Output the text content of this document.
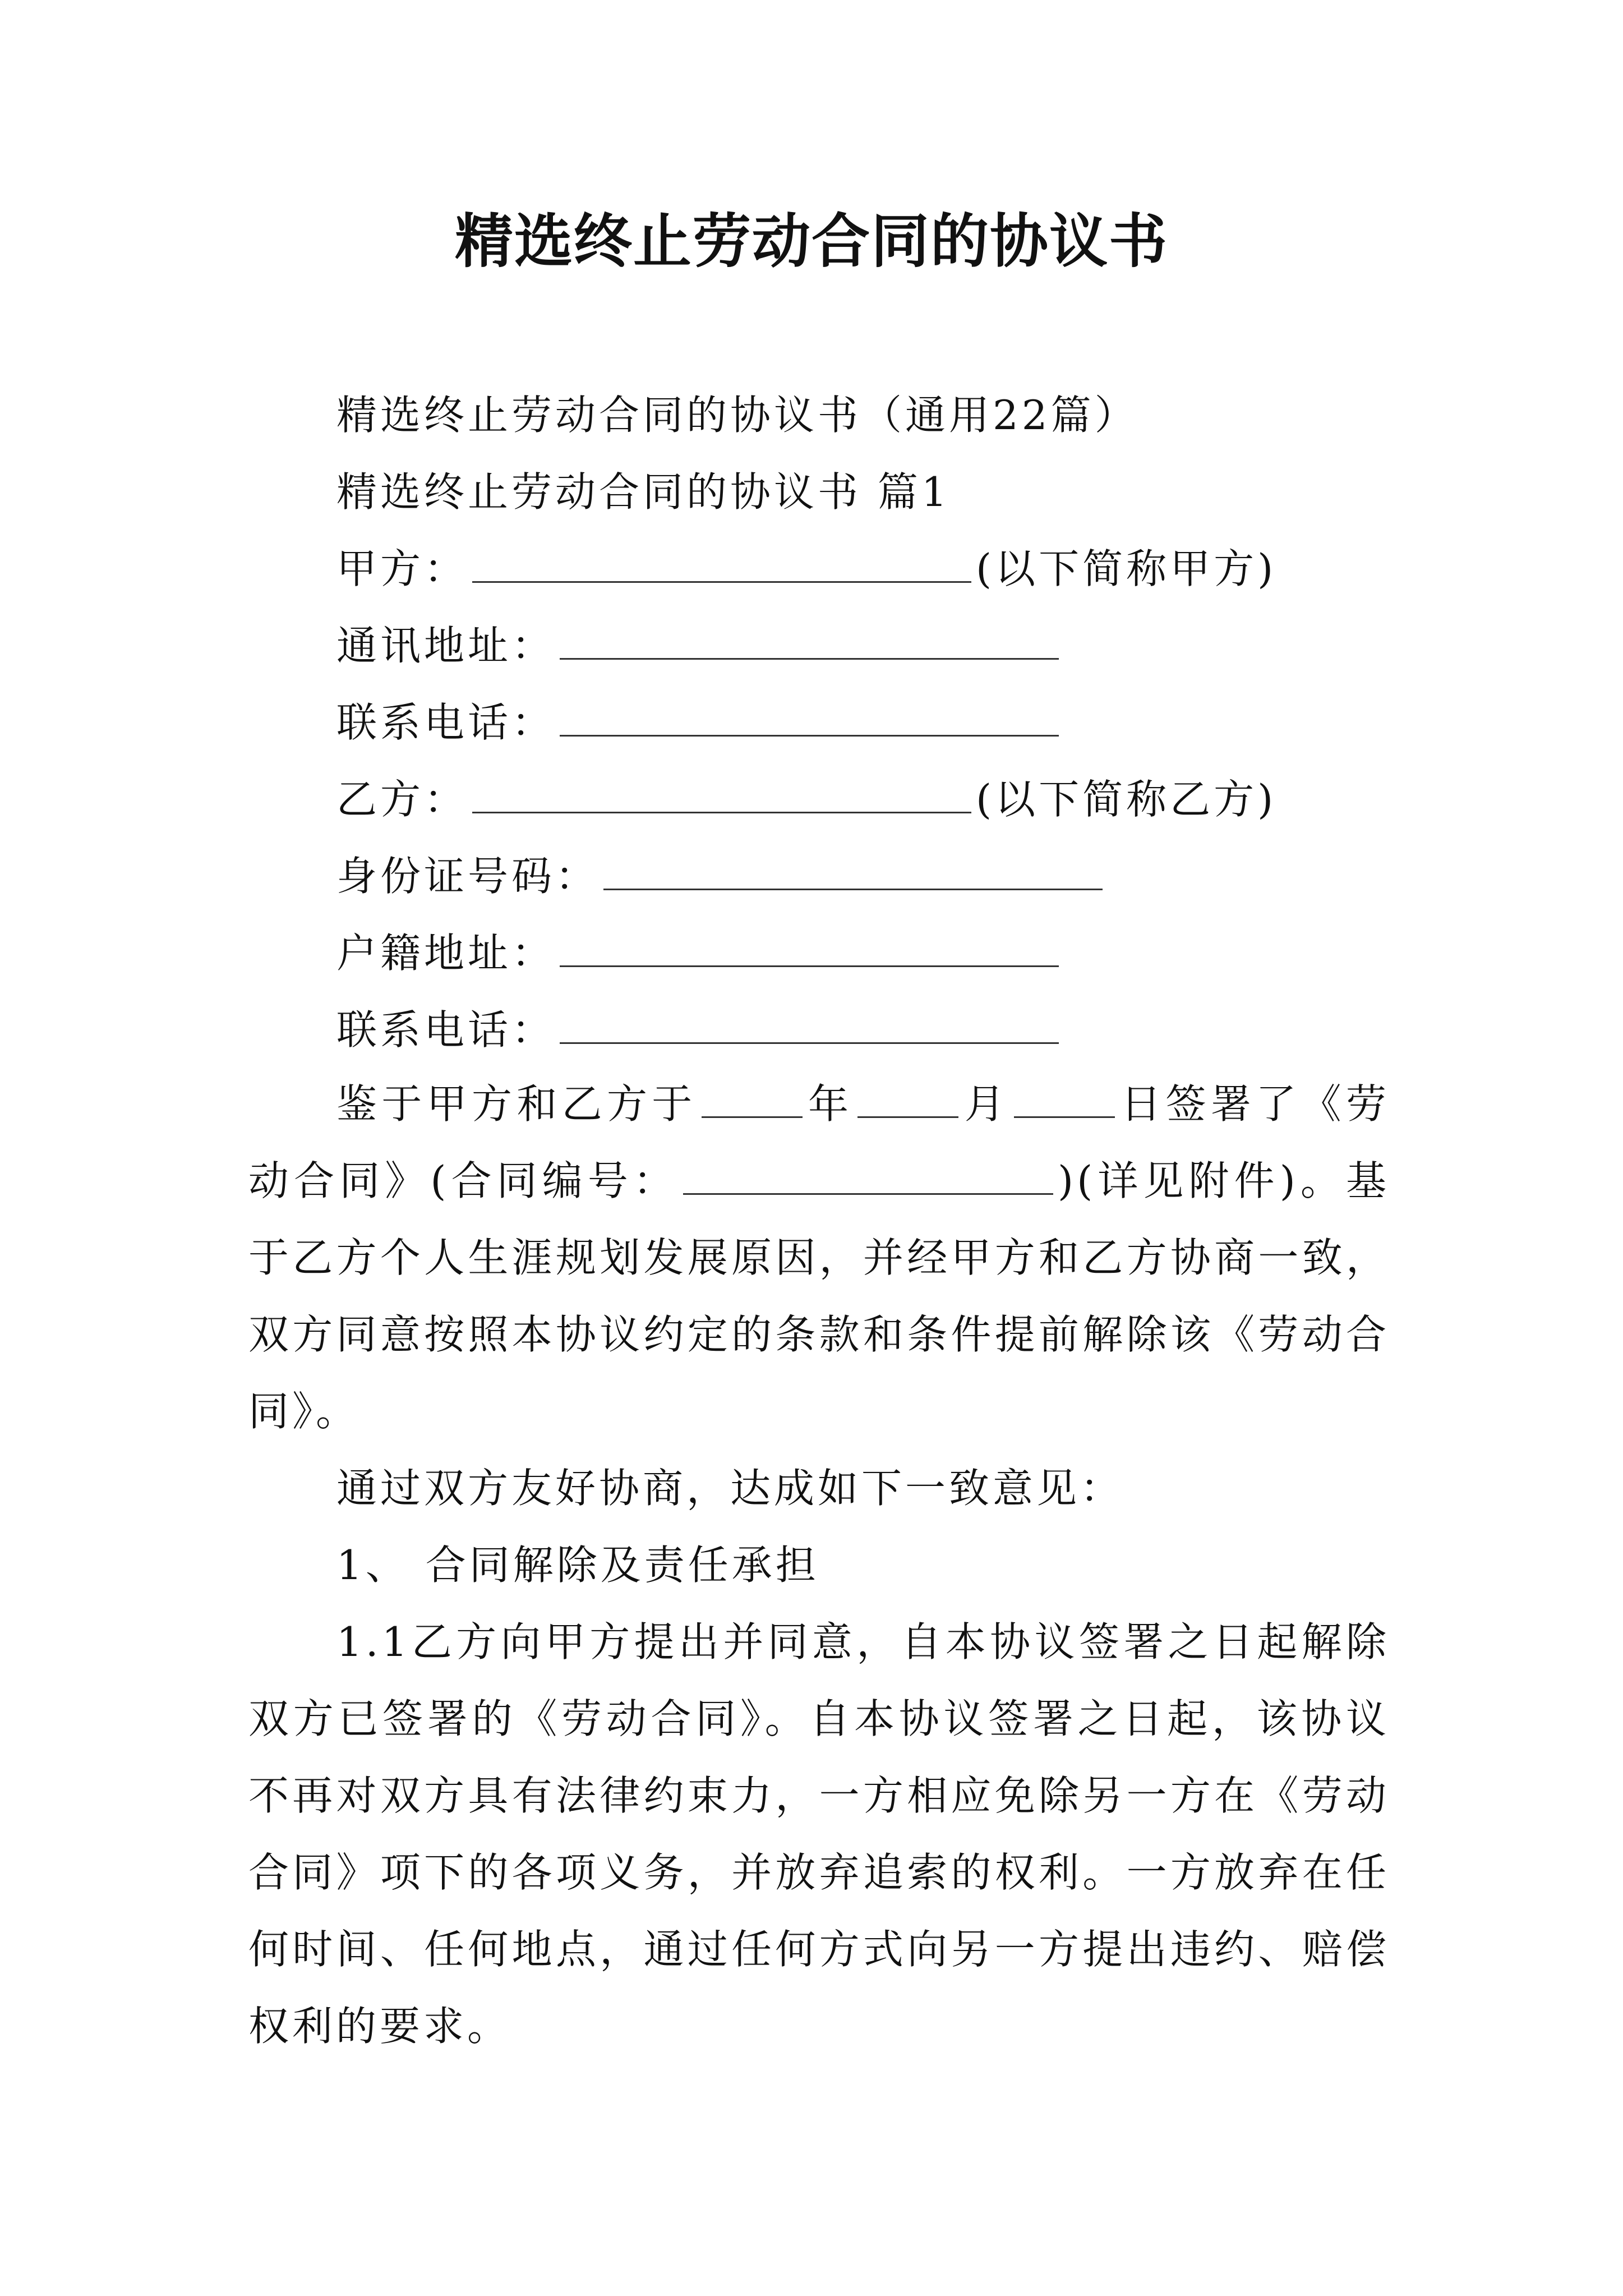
精选终止劳动合同的协议书

精选终止劳动合同的协议书（通用22篇）

精选终止劳动合同的协议书 篇1

甲方：	(以下简称甲方)

通讯地址：

联系电话：

乙方：	(以下简称乙方)

身份证号码：

户籍地址：

联系电话：

鉴于甲方和乙方于	年	月	日签署了《劳动合同》(合同编号：	)(详见附件)。基于乙方个人生涯规划发展原因，并经甲方和乙方协商一致，双方同意按照本协议约定的条款和条件提前解除该《劳动合同》。

通过双方友好协商，达成如下一致意见：

1、 合同解除及责任承担

1.1乙方向甲方提出并同意，自本协议签署之日起解除双方已签署的《劳动合同》。自本协议签署之日起，该协议不再对双方具有法律约束力，一方相应免除另一方在《劳动合同》项下的各项义务，并放弃追索的权利。一方放弃在任何时间、任何地点，通过任何方式向另一方提出违约、赔偿权利的要求。
